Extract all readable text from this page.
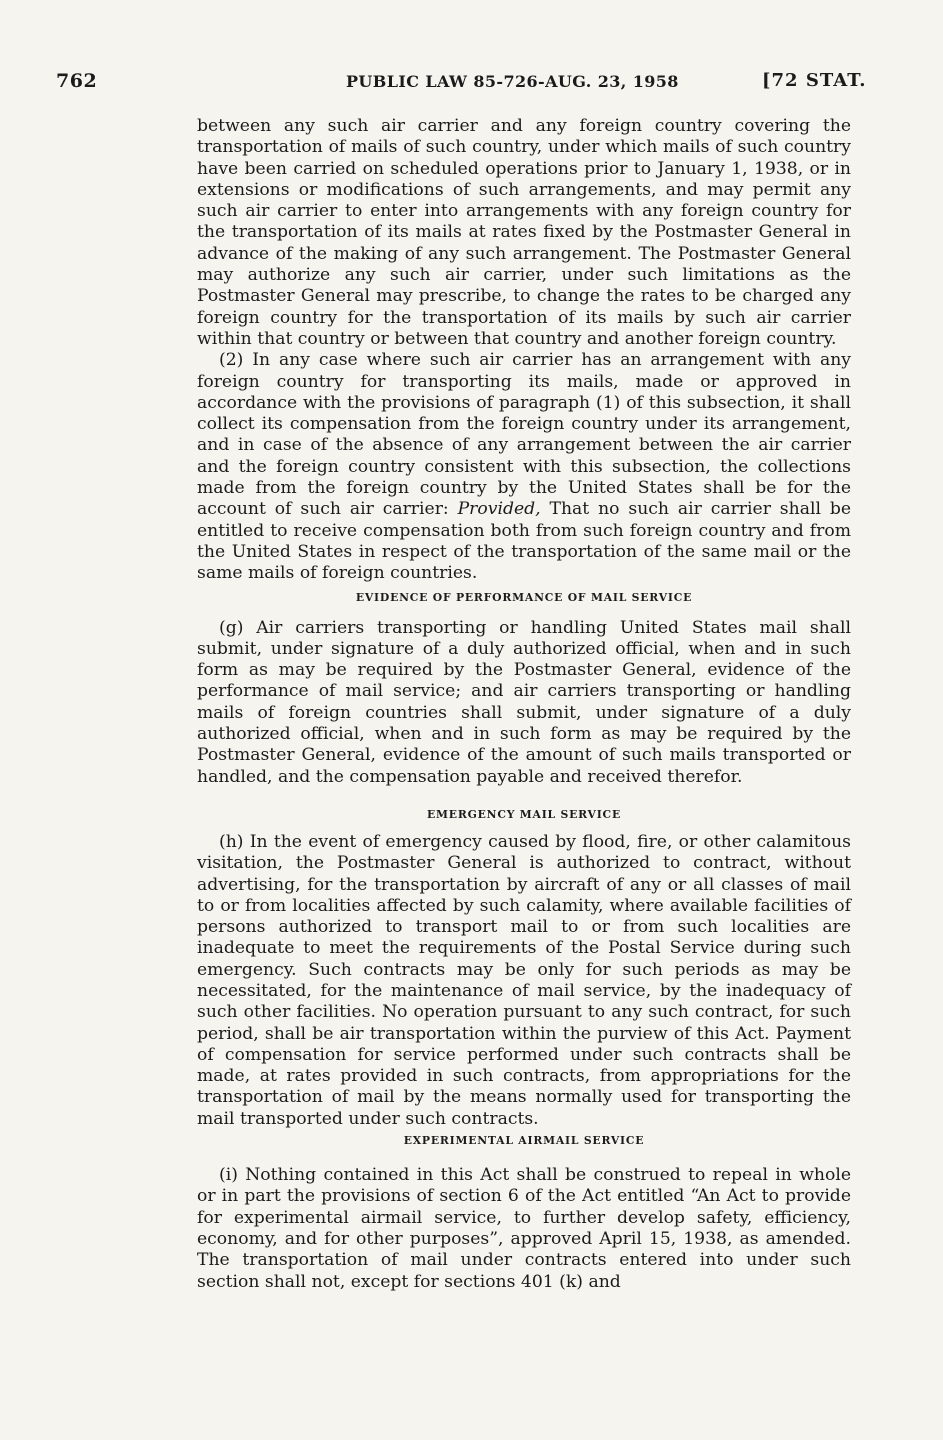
762	PUBLIC LAW 85-726-AUG. 23, 1958	[72 STAT.

between any such air carrier and any foreign country covering the transportation of mails of such country, under which mails of such country have been carried on scheduled operations prior to January 1, 1938, or in extensions or modifications of such arrangements, and may permit any such air carrier to enter into arrangements with any foreign country for the transportation of its mails at rates fixed by the Postmaster General in advance of the making of any such arrangement. The Postmaster General may authorize any such air carrier, under such limitations as the Postmaster General may prescribe, to change the rates to be charged any foreign country for the transportation of its mails by such air carrier within that country or between that country and another foreign country.

(2) In any case where such air carrier has an arrangement with any foreign country for transporting its mails, made or approved in accordance with the provisions of paragraph (1) of this subsection, it shall collect its compensation from the foreign country under its arrangement, and in case of the absence of any arrangement between the air carrier and the foreign country consistent with this subsection, the collections made from the foreign country by the United States shall be for the account of such air carrier: Provided, That no such air carrier shall be entitled to receive compensation both from such foreign country and from the United States in respect of the transportation of the same mail or the same mails of foreign countries.

EVIDENCE OF PERFORMANCE OF MAIL SERVICE

(g) Air carriers transporting or handling United States mail shall submit, under signature of a duly authorized official, when and in such form as may be required by the Postmaster General, evidence of the performance of mail service; and air carriers transporting or handling mails of foreign countries shall submit, under signature of a duly authorized official, when and in such form as may be required by the Postmaster General, evidence of the amount of such mails transported or handled, and the compensation payable and received therefor.

EMERGENCY MAIL SERVICE

(h) In the event of emergency caused by flood, fire, or other calamitous visitation, the Postmaster General is authorized to contract, without advertising, for the transportation by aircraft of any or all classes of mail to or from localities affected by such calamity, where available facilities of persons authorized to transport mail to or from such localities are inadequate to meet the requirements of the Postal Service during such emergency. Such contracts may be only for such periods as may be necessitated, for the maintenance of mail service, by the inadequacy of such other facilities. No operation pursuant to any such contract, for such period, shall be air transportation within the purview of this Act. Payment of compensation for service performed under such contracts shall be made, at rates provided in such contracts, from appropriations for the transportation of mail by the means normally used for transporting the mail transported under such contracts.

EXPERIMENTAL AIRMAIL SERVICE

(i) Nothing contained in this Act shall be construed to repeal in whole or in part the provisions of section 6 of the Act entitled “An Act to provide for experimental airmail service, to further develop safety, efficiency, economy, and for other purposes”, approved April 15, 1938, as amended. The transportation of mail under contracts entered into under such section shall not, except for sections 401 (k) and
